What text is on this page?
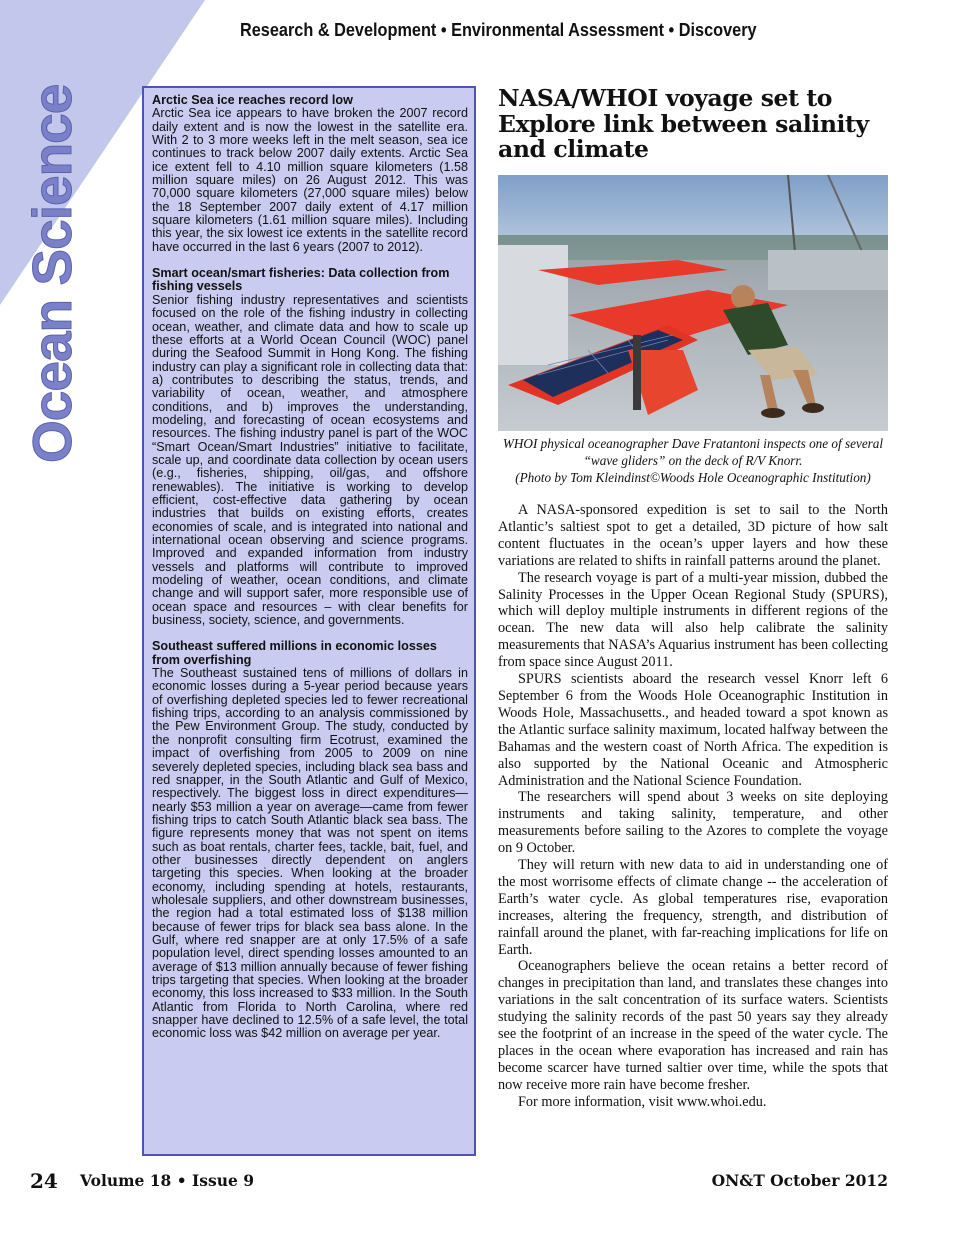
Research & Development • Environmental Assessment • Discovery
Ocean Science	Arctic Sea ice reaches record low

Arctic Sea ice appears to have broken the 2007 record daily extent and is now the lowest in the satellite era. With 2 to 3 more weeks left in the melt season, sea ice continues to track below 2007 daily extents. Arctic Sea ice extent fell to 4.10 million square kilometers (1.58 million square miles) on 26 August 2012. This was 70,000 square kilometers (27,000 square miles) below the 18 September 2007 daily extent of 4.17 million square kilometers (1.61 million square miles). Including this year, the six lowest ice extents in the satellite record have occurred in the last 6 years (2007 to 2012).

Smart ocean/smart fisheries: Data collection from fishing vessels

Senior fishing industry representatives and scientists focused on the role of the fishing industry in collecting ocean, weather, and climate data and how to scale up these efforts at a World Ocean Council (WOC) panel during the Seafood Summit in Hong Kong. The fishing industry can play a significant role in collecting data that: a) contributes to describing the status, trends, and variability of ocean, weather, and atmosphere conditions, and b) improves the understanding, modeling, and forecasting of ocean ecosystems and resources. The fishing industry panel is part of the WOC “Smart Ocean/Smart Industries” initiative to facilitate, scale up, and coordinate data collection by ocean users (e.g., fisheries, shipping, oil/gas, and offshore renewables). The initiative is working to develop efficient, cost-effective data gathering by ocean industries that builds on existing efforts, creates economies of scale, and is integrated into national and international ocean observing and science programs. Improved and expanded information from industry vessels and platforms will contribute to improved modeling of weather, ocean conditions, and climate change and will support safer, more responsible use of ocean space and resources – with clear benefits for business, society, science, and governments.

Southeast suffered millions in economic losses from overfishing

The Southeast sustained tens of millions of dollars in economic losses during a 5-year period because years of overfishing depleted species led to fewer recreational fishing trips, according to an analysis commissioned by the Pew Environment Group. The study, conducted by the nonprofit consulting firm Ecotrust, examined the impact of overfishing from 2005 to 2009 on nine severely depleted species, including black sea bass and red snapper, in the South Atlantic and Gulf of Mexico, respectively. The biggest loss in direct expenditures—nearly $53 million a year on average—came from fewer fishing trips to catch South Atlantic black sea bass. The figure represents money that was not spent on items such as boat rentals, charter fees, tackle, bait, fuel, and other businesses directly dependent on anglers targeting this species. When looking at the broader economy, including spending at hotels, restaurants, wholesale suppliers, and other downstream businesses, the region had a total estimated loss of $138 million because of fewer trips for black sea bass alone. In the Gulf, where red snapper are at only 17.5% of a safe population level, direct spending losses amounted to an average of $13 million annually because of fewer fishing trips targeting that species. When looking at the broader economy, this loss increased to $33 million. In the South Atlantic from Florida to North Carolina, where red snapper have declined to 12.5% of a safe level, the total economic loss was $42 million on average per year.

NASA/WHOI voyage set to Explore link between salinity and climate
WHOI physical oceanographer Dave Fratantoni inspects one of several “wave gliders” on the deck of R/V Knorr.
(Photo by Tom Kleindinst©Woods Hole Oceanographic Institution)

A NASA-sponsored expedition is set to sail to the North Atlantic’s saltiest spot to get a detailed, 3D picture of how salt content fluctuates in the ocean’s upper layers and how these variations are related to shifts in rainfall patterns around the planet.

The research voyage is part of a multi-year mission, dubbed the Salinity Processes in the Upper Ocean Regional Study (SPURS), which will deploy multiple instruments in different regions of the ocean. The new data will also help calibrate the salinity measurements that NASA’s Aquarius instrument has been collecting from space since August 2011.

SPURS scientists aboard the research vessel Knorr left 6 September 6 from the Woods Hole Oceanographic Institution in Woods Hole, Massachusetts., and headed toward a spot known as the Atlantic surface salinity maximum, located halfway between the Bahamas and the western coast of North Africa. The expedition is also supported by the National Oceanic and Atmospheric Administration and the National Science Foundation.

The researchers will spend about 3 weeks on site deploying instruments and taking salinity, temperature, and other measurements before sailing to the Azores to complete the voyage on 9 October.

They will return with new data to aid in understanding one of the most worrisome effects of climate change -- the acceleration of Earth’s water cycle. As global temperatures rise, evaporation increases, altering the frequency, strength, and distribution of rainfall around the planet, with far-reaching implications for life on Earth.

Oceanographers believe the ocean retains a better record of changes in precipitation than land, and translates these changes into variations in the salt concentration of its surface waters. Scientists studying the salinity records of the past 50 years say they already see the footprint of an increase in the speed of the water cycle. The places in the ocean where evaporation has increased and rain has become scarcer have turned saltier over time, while the spots that now receive more rain have become fresher.

For more information, visit www.whoi.edu.

24 Volume 18 • Issue 9	ON&T October 2012
